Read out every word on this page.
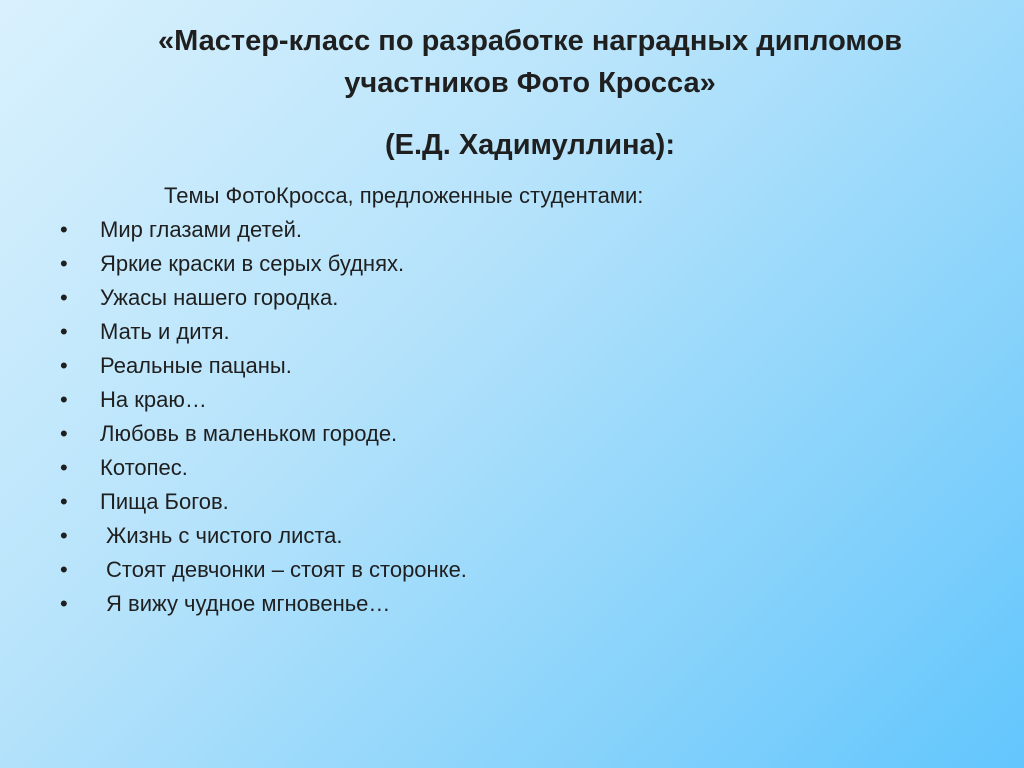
«Мастер-класс по разработке наградных дипломов
участников Фото Кросса»
(Е.Д. Хадимуллина):
Темы ФотоКросса, предложенные студентами:
•	Мир глазами детей.
•	Яркие краски в серых буднях.
•	Ужасы нашего городка.
•	Мать и дитя.
•	Реальные пацаны.
•	На краю…
•	Любовь в маленьком городе.
•	Котопес.
•	Пища Богов.
•	Жизнь с чистого листа.
•	Стоят девчонки – стоят в сторонке.
•	Я вижу чудное мгновенье…
